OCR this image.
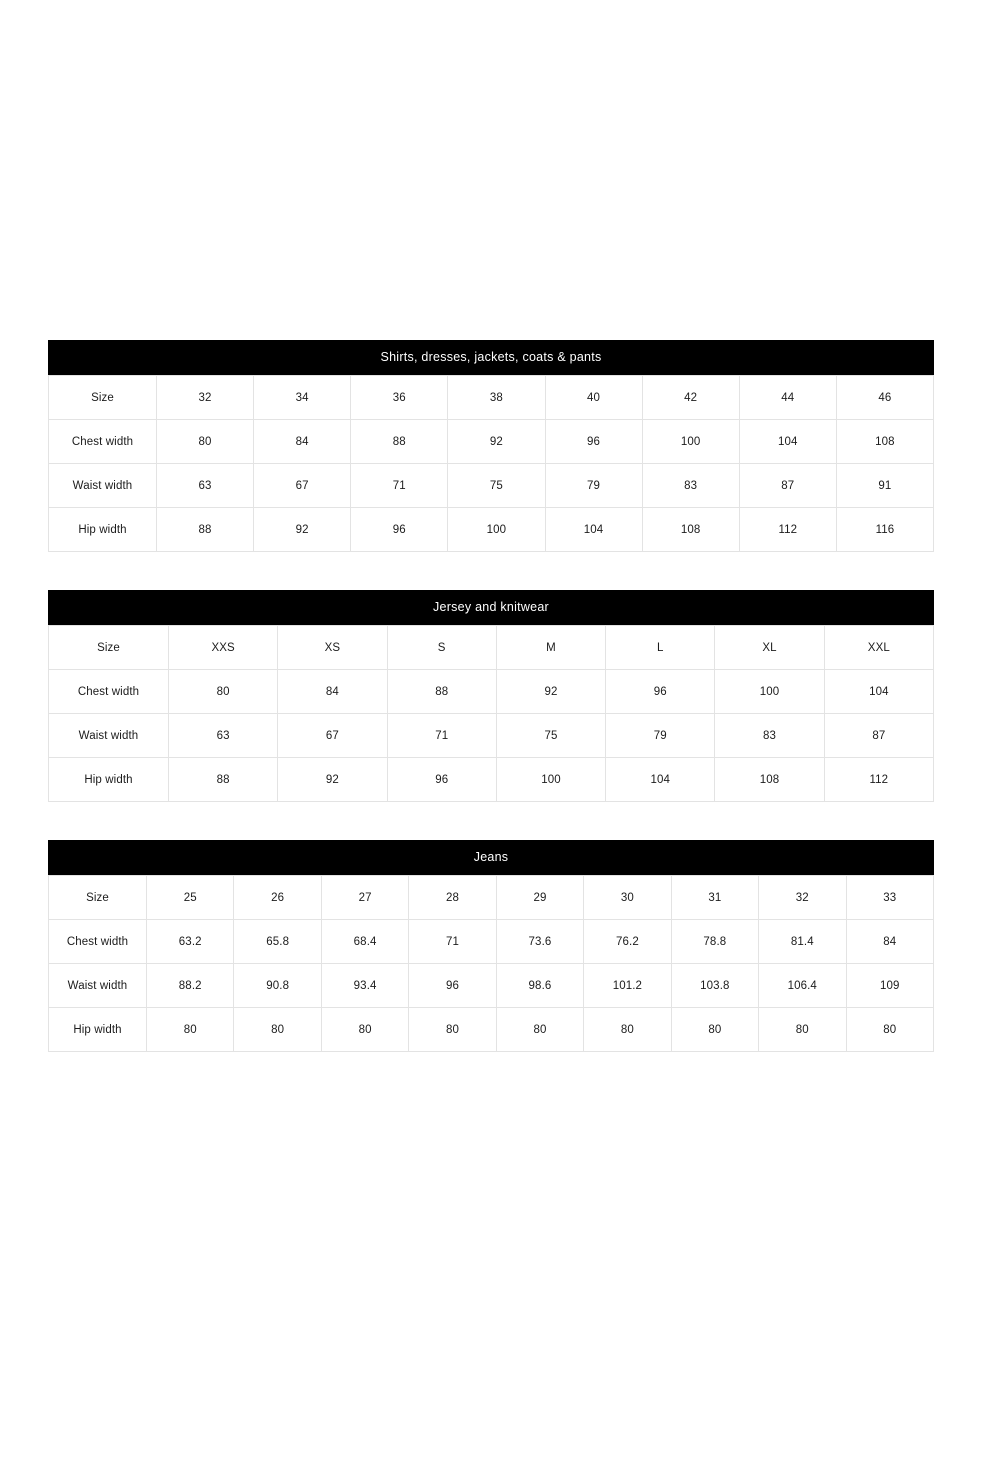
Shirts, dresses, jackets, coats & pants
Size	32	34	36	38	40	42	44	46
Chest width	80	84	88	92	96	100	104	108
Waist width	63	67	71	75	79	83	87	91
Hip width	88	92	96	100	104	108	112	116
Jersey and knitwear
Size	XXS	XS	S	M	L	XL	XXL
Chest width	80	84	88	92	96	100	104
Waist width	63	67	71	75	79	83	87
Hip width	88	92	96	100	104	108	112
Jeans
Size	25	26	27	28	29	30	31	32	33
Chest width	63.2	65.8	68.4	71	73.6	76.2	78.8	81.4	84
Waist width	88.2	90.8	93.4	96	98.6	101.2	103.8	106.4	109
Hip width	80	80	80	80	80	80	80	80	80
